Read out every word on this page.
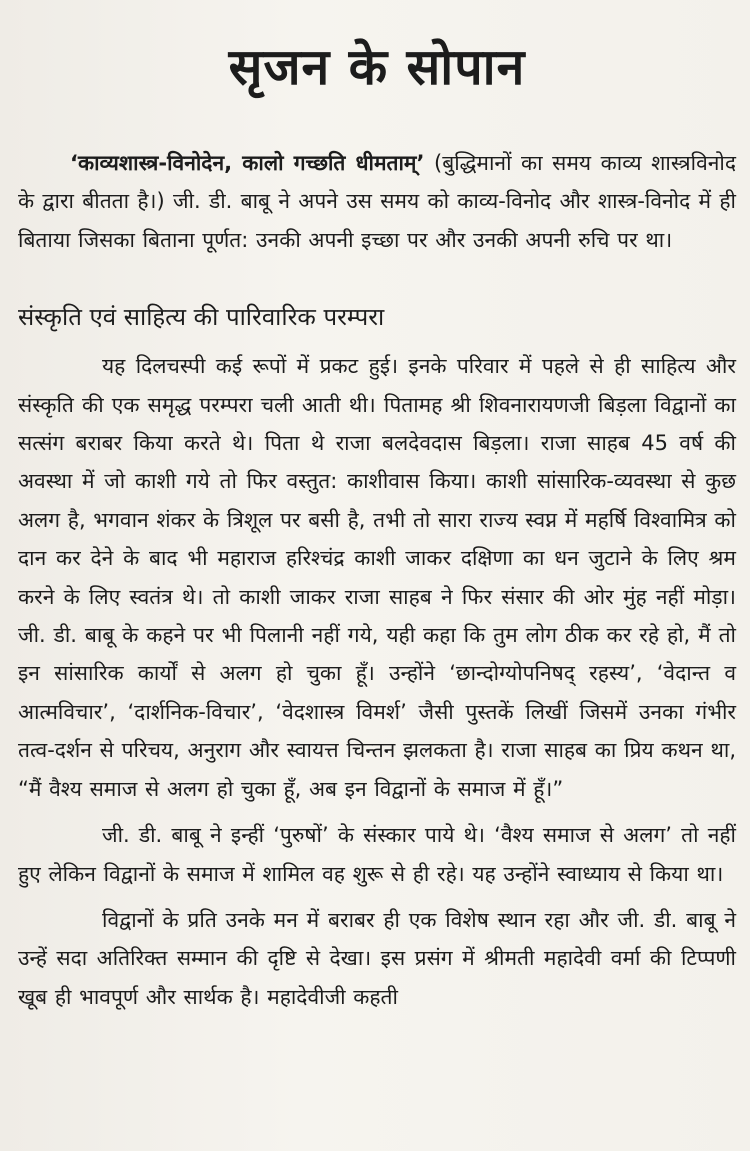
सृजन के सोपान

‘काव्यशास्त्र-विनोदेन, कालो गच्छति धीमताम्’ (बुद्धिमानों का समय काव्य शास्त्रविनोद के द्वारा बीतता है।) जी. डी. बाबू ने अपने उस समय को काव्य-विनोद और शास्त्र-विनोद में ही बिताया जिसका बिताना पूर्णत: उनकी अपनी इच्छा पर और उनकी अपनी रुचि पर था।

संस्कृति एवं साहित्य की पारिवारिक परम्परा

यह दिलचस्पी कई रूपों में प्रकट हुई। इनके परिवार में पहले से ही साहित्य और संस्कृति की एक समृद्ध परम्परा चली आती थी। पितामह श्री शिवनारायणजी बिड़ला विद्वानों का सत्संग बराबर किया करते थे। पिता थे राजा बलदेवदास बिड़ला। राजा साहब 45 वर्ष की अवस्था में जो काशी गये तो फिर वस्तुत: काशीवास किया। काशी सांसारिक-व्यवस्था से कुछ अलग है, भगवान शंकर के त्रिशूल पर बसी है, तभी तो सारा राज्य स्वप्न में महर्षि विश्वामित्र को दान कर देने के बाद भी महाराज हरिश्चंद्र काशी जाकर दक्षिणा का धन जुटाने के लिए श्रम करने के लिए स्वतंत्र थे। तो काशी जाकर राजा साहब ने फिर संसार की ओर मुंह नहीं मोड़ा। जी. डी. बाबू के कहने पर भी पिलानी नहीं गये, यही कहा कि तुम लोग ठीक कर रहे हो, मैं तो इन सांसारिक कार्यों से अलग हो चुका हूँ। उन्होंने ‘छान्दोग्योपनिषद् रहस्य’, ‘वेदान्त व आत्मविचार’, ‘दार्शनिक-विचार’, ‘वेदशास्त्र विमर्श’ जैसी पुस्तकें लिखीं जिसमें उनका गंभीर तत्व-दर्शन से परिचय, अनुराग और स्वायत्त चिन्तन झलकता है। राजा साहब का प्रिय कथन था, “मैं वैश्य समाज से अलग हो चुका हूँ, अब इन विद्वानों के समाज में हूँ।”

जी. डी. बाबू ने इन्हीं ‘पुरुषों’ के संस्कार पाये थे। ‘वैश्य समाज से अलग’ तो नहीं हुए लेकिन विद्वानों के समाज में शामिल वह शुरू से ही रहे। यह उन्होंने स्वाध्याय से किया था।

विद्वानों के प्रति उनके मन में बराबर ही एक विशेष स्थान रहा और जी. डी. बाबू ने उन्हें सदा अतिरिक्त सम्मान की दृष्टि से देखा। इस प्रसंग में श्रीमती महादेवी वर्मा की टिप्पणी खूब ही भावपूर्ण और सार्थक है। महादेवीजी कहती
